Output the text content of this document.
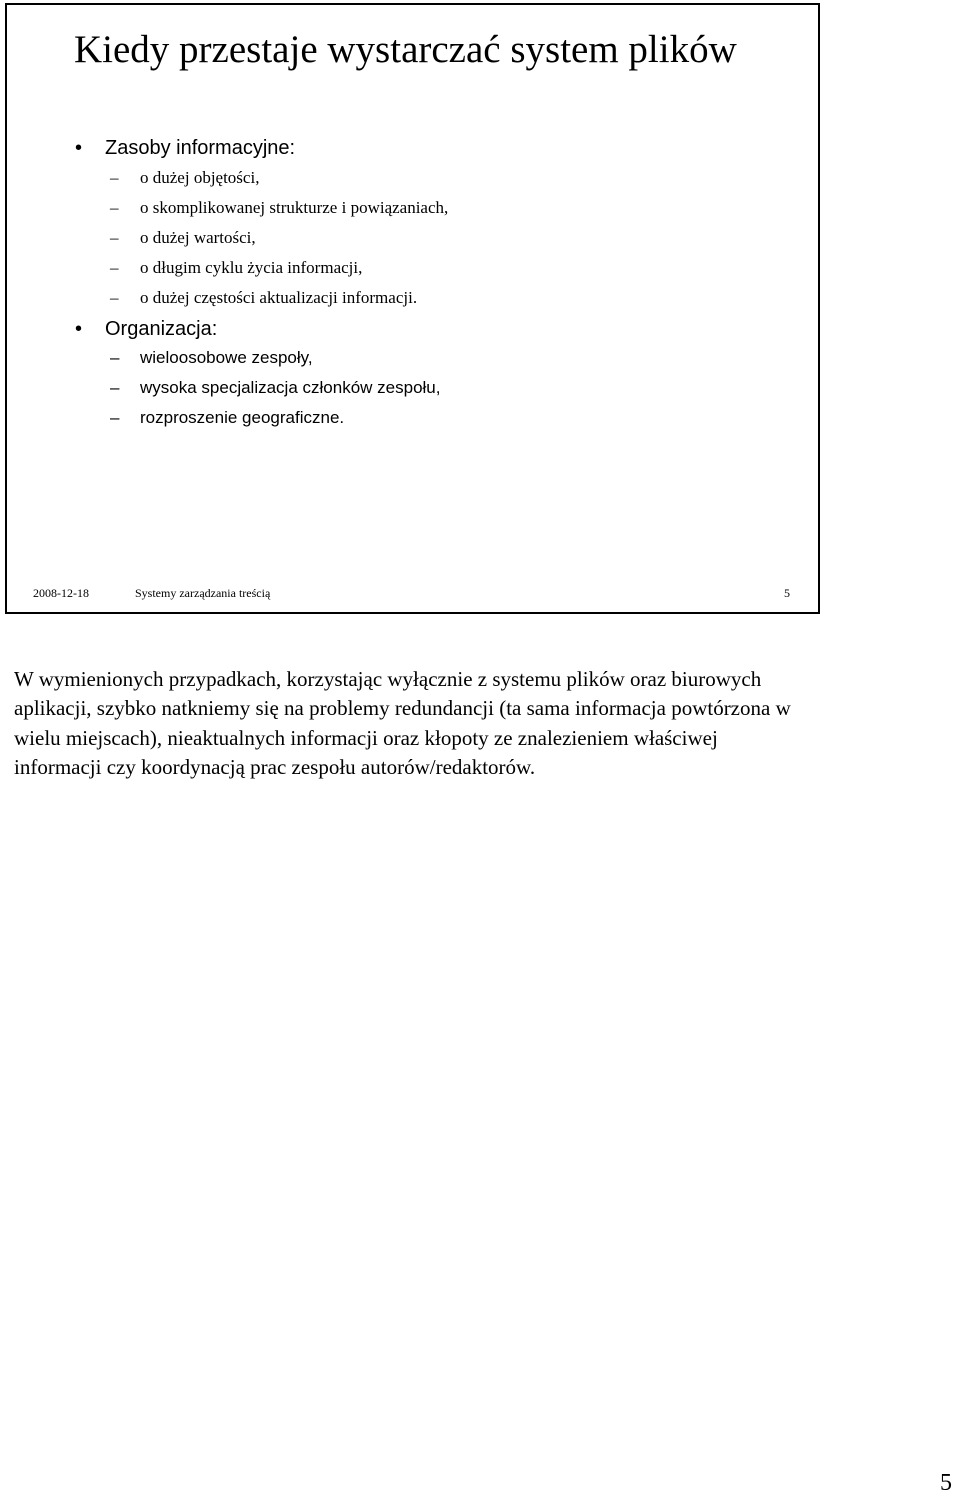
Kiedy przestaje wystarczać system plików
• Zasoby informacyjne:
– o dużej objętości,
– o skomplikowanej strukturze i powiązaniach,
– o dużej wartości,
– o długim cyklu życia informacji,
– o dużej częstości aktualizacji informacji.
• Organizacja:
– wieloosobowe zespoły,
– wysoka specjalizacja członków zespołu,
– rozproszenie geograficzne.
2008-12-18	Systemy zarządzania treścią	5

W wymienionych przypadkach, korzystając wyłącznie z systemu plików oraz biurowych aplikacji, szybko natkniemy się na problemy redundancji (ta sama informacja powtórzona w wielu miejscach), nieaktualnych informacji oraz kłopoty ze znalezieniem właściwej informacji czy koordynacją prac zespołu autorów/redaktorów.

5
